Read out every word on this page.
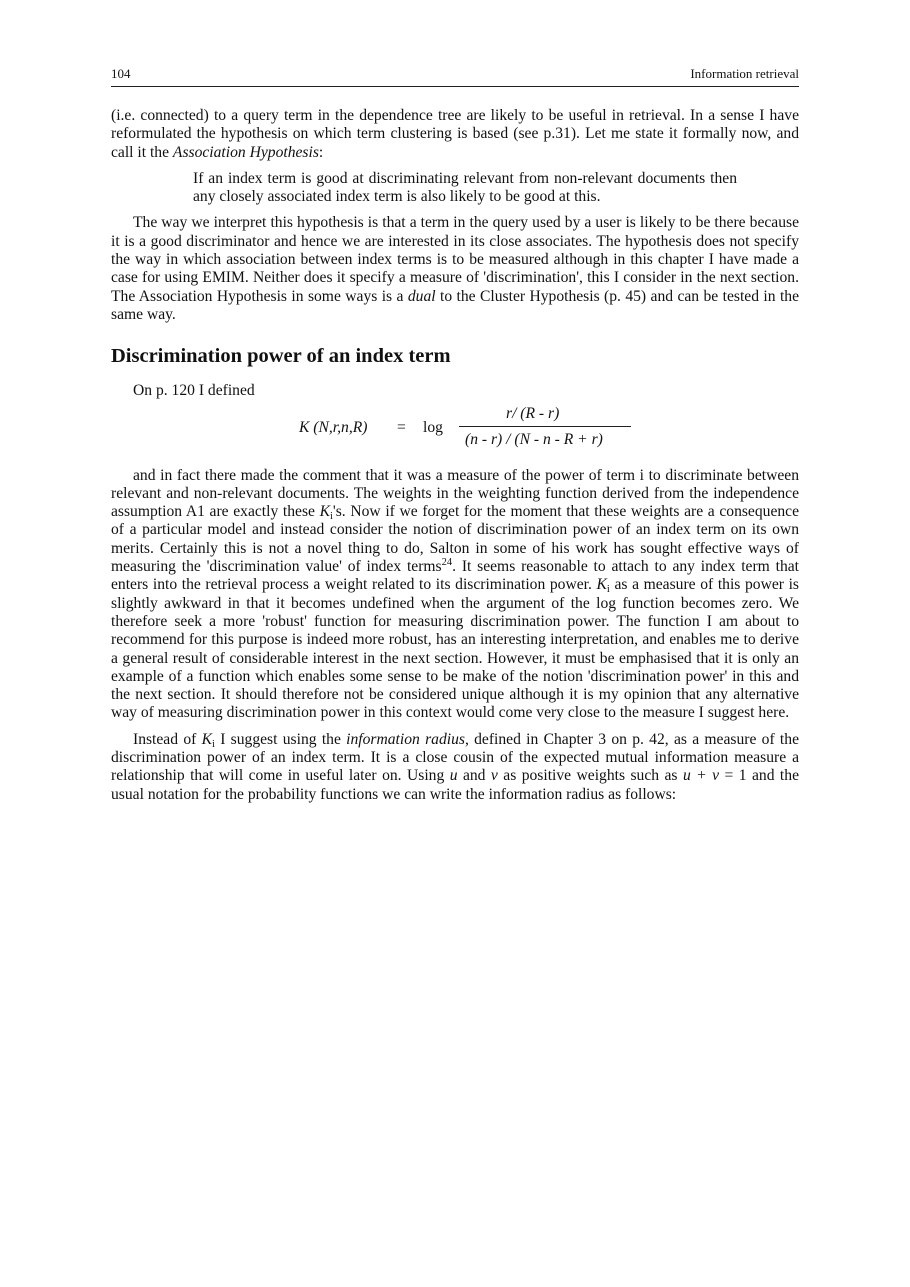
104	Information retrieval

(i.e. connected) to a query term in the dependence tree are likely to be useful in retrieval. In a sense I have reformulated the hypothesis on which term clustering is based (see p.31). Let me state it formally now, and call it the Association Hypothesis:

If an index term is good at discriminating relevant from non-relevant documents then any closely associated index term is also likely to be good at this.

The way we interpret this hypothesis is that a term in the query used by a user is likely to be there because it is a good discriminator and hence we are interested in its close associates. The hypothesis does not specify the way in which association between index terms is to be measured although in this chapter I have made a case for using EMIM. Neither does it specify a measure of 'discrimination', this I consider in the next section. The Association Hypothesis in some ways is a dual to the Cluster Hypothesis (p. 45) and can be tested in the same way.

Discrimination power of an index term

On p. 120 I defined

K (N,r,n,R) = log
r/ (R - r)
(n - r) / (N - n - R + r)

and in fact there made the comment that it was a measure of the power of term i to discriminate between relevant and non-relevant documents. The weights in the weighting function derived from the independence assumption A1 are exactly these $K_i's$. Now if we forget for the moment that these weights are a consequence of a particular model and instead consider the notion of discrimination power of an index term on its own merits. Certainly this is not a novel thing to do, Salton in some of his work has sought effective ways of measuring the 'discrimination value' of index terms$^{24}$. It seems reasonable to attach to any index term that enters into the retrieval process a weight related to its discrimination power. $K_i$ as a measure of this power is slightly awkward in that it becomes undefined when the argument of the log function becomes zero. We therefore seek a more 'robust' function for measuring discrimination power. The function I am about to recommend for this purpose is indeed more robust, has an interesting interpretation, and enables me to derive a general result of considerable interest in the next section. However, it must be emphasised that it is only an example of a function which enables some sense to be make of the notion 'discrimination power' in this and the next section. It should therefore not be considered unique although it is my opinion that any alternative way of measuring discrimination power in this context would come very close to the measure I suggest here.

Instead of $K_i$ I suggest using the information radius, defined in Chapter 3 on p. 42, as a measure of the discrimination power of an index term. It is a close cousin of the expected mutual information measure a relationship that will come in useful later on. Using u and v as positive weights such as u + v = 1 and the usual notation for the probability functions we can write the information radius as follows:
